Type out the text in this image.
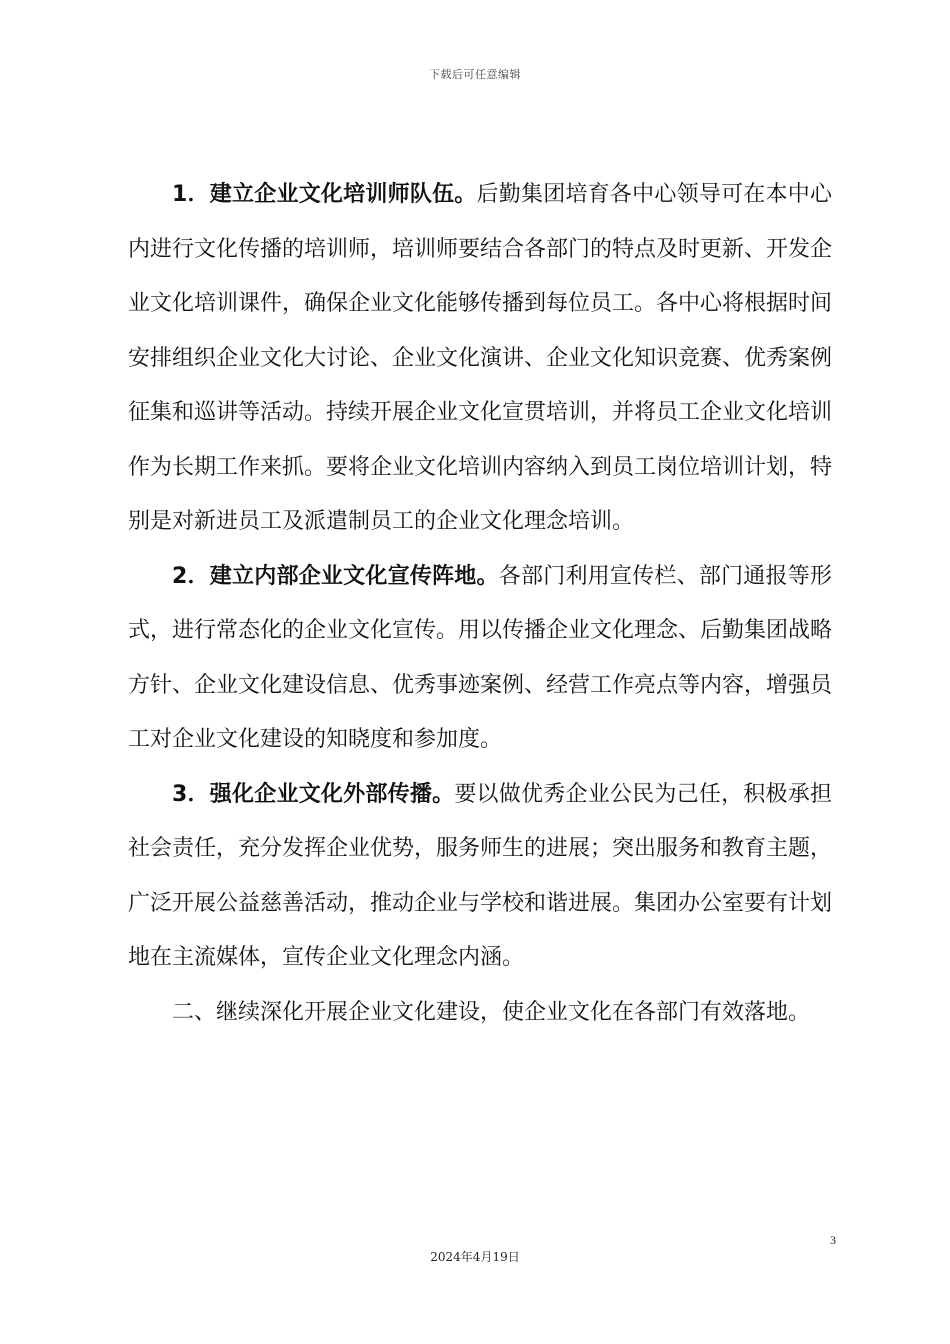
下载后可任意编辑

1．建立企业文化培训师队伍。后勤集团培育各中心领导可在本中心内进行文化传播的培训师，培训师要结合各部门的特点及时更新、开发企业文化培训课件，确保企业文化能够传播到每位员工。各中心将根据时间安排组织企业文化大讨论、企业文化演讲、企业文化知识竞赛、优秀案例征集和巡讲等活动。持续开展企业文化宣贯培训，并将员工企业文化培训作为长期工作来抓。要将企业文化培训内容纳入到员工岗位培训计划，特别是对新进员工及派遣制员工的企业文化理念培训。

2．建立内部企业文化宣传阵地。各部门利用宣传栏、部门通报等形式，进行常态化的企业文化宣传。用以传播企业文化理念、后勤集团战略方针、企业文化建设信息、优秀事迹案例、经营工作亮点等内容，增强员工对企业文化建设的知晓度和参加度。

3．强化企业文化外部传播。要以做优秀企业公民为己任，积极承担社会责任，充分发挥企业优势，服务师生的进展；突出服务和教育主题，广泛开展公益慈善活动，推动企业与学校和谐进展。集团办公室要有计划地在主流媒体，宣传企业文化理念内涵。

二、继续深化开展企业文化建设，使企业文化在各部门有效落地。

3
2024年4月19日
